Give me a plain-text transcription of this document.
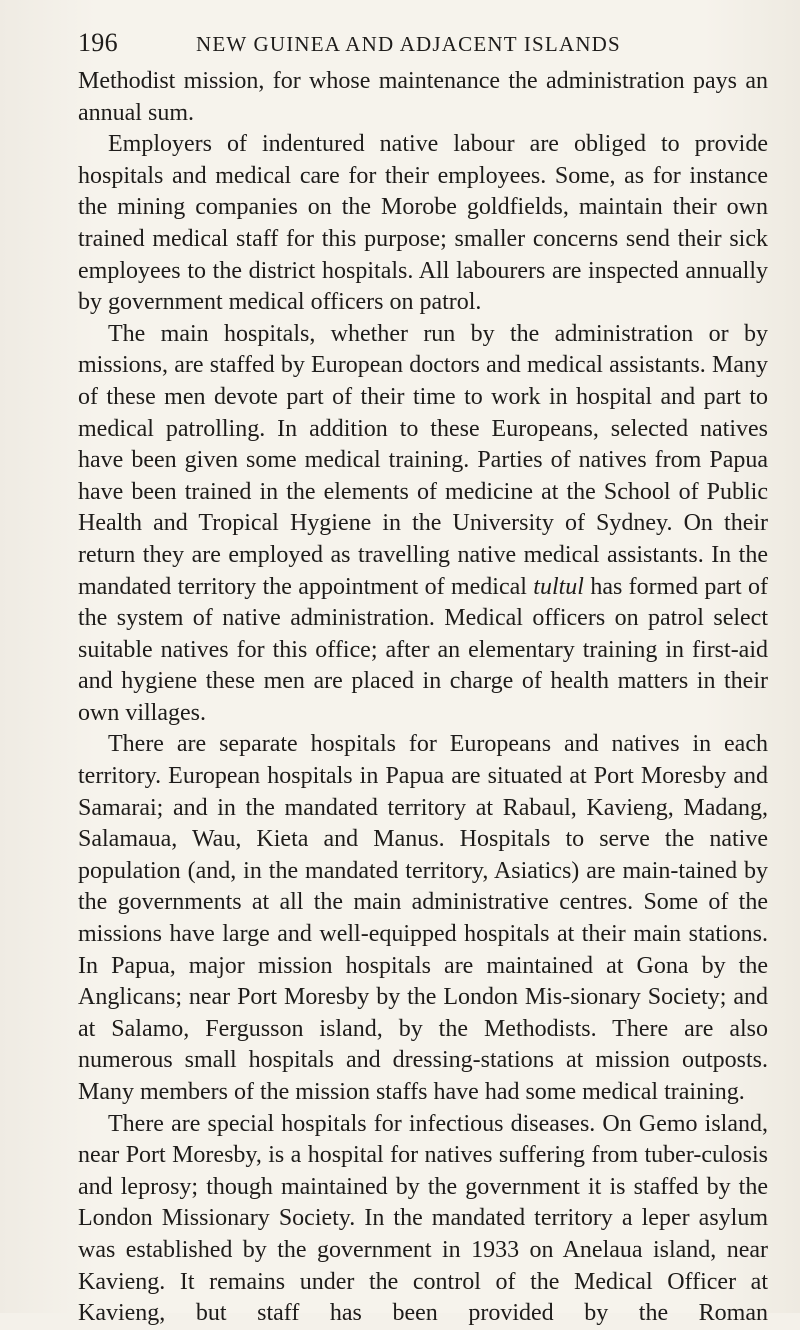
196	NEW GUINEA AND ADJACENT ISLANDS

Methodist mission, for whose maintenance the administration pays an annual sum.

Employers of indentured native labour are obliged to provide hospitals and medical care for their employees. Some, as for instance the mining companies on the Morobe goldfields, maintain their own trained medical staff for this purpose; smaller concerns send their sick employees to the district hospitals. All labourers are inspected annually by government medical officers on patrol.

The main hospitals, whether run by the administration or by missions, are staffed by European doctors and medical assistants. Many of these men devote part of their time to work in hospital and part to medical patrolling. In addition to these Europeans, selected natives have been given some medical training. Parties of natives from Papua have been trained in the elements of medicine at the School of Public Health and Tropical Hygiene in the University of Sydney. On their return they are employed as travelling native medical assistants. In the mandated territory the appointment of medical tultul has formed part of the system of native administration. Medical officers on patrol select suitable natives for this office; after an elementary training in first-aid and hygiene these men are placed in charge of health matters in their own villages.

There are separate hospitals for Europeans and natives in each territory. European hospitals in Papua are situated at Port Moresby and Samarai; and in the mandated territory at Rabaul, Kavieng, Madang, Salamaua, Wau, Kieta and Manus. Hospitals to serve the native population (and, in the mandated territory, Asiatics) are main-tained by the governments at all the main administrative centres. Some of the missions have large and well-equipped hospitals at their main stations. In Papua, major mission hospitals are maintained at Gona by the Anglicans; near Port Moresby by the London Mis-sionary Society; and at Salamo, Fergusson island, by the Methodists. There are also numerous small hospitals and dressing-stations at mission outposts. Many members of the mission staffs have had some medical training.

There are special hospitals for infectious diseases. On Gemo island, near Port Moresby, is a hospital for natives suffering from tuber-culosis and leprosy; though maintained by the government it is staffed by the London Missionary Society. In the mandated territory a leper asylum was established by the government in 1933 on Anelaua island, near Kavieng. It remains under the control of the Medical Officer at Kavieng, but staff has been provided by the Roman
